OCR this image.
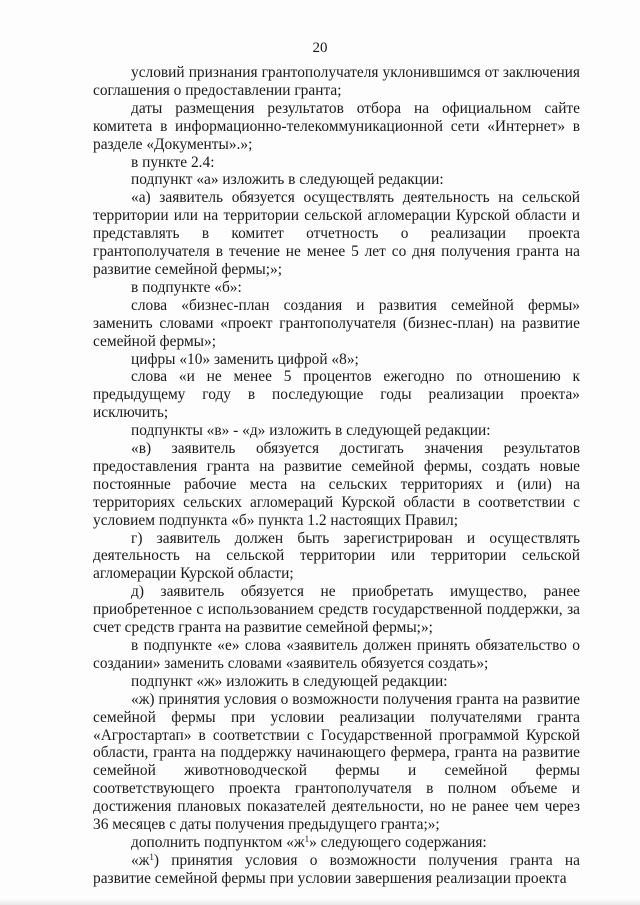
20

условий признания грантополучателя уклонившимся от заключения соглашения о предоставлении гранта;

даты размещения результатов отбора на официальном сайте комитета в информационно-телекоммуникационной сети «Интернет» в разделе «Документы».»;

в пункте 2.4:

подпункт «а» изложить в следующей редакции:

«а) заявитель обязуется осуществлять деятельность на сельской территории или на территории сельской агломерации Курской области и представлять в комитет отчетность о реализации проекта грантополучателя в течение не менее 5 лет со дня получения гранта на развитие семейной фермы;»;

в подпункте «б»:

слова «бизнес-план создания и развития семейной фермы» заменить словами «проект грантополучателя (бизнес-план) на развитие семейной фермы»;

цифры «10» заменить цифрой «8»;

слова «и не менее 5 процентов ежегодно по отношению к предыдущему году в последующие годы реализации проекта» исключить;

подпункты «в» - «д» изложить в следующей редакции:

«в) заявитель обязуется достигать значения результатов предоставления гранта на развитие семейной фермы, создать новые постоянные рабочие места на сельских территориях и (или) на территориях сельских агломераций Курской области в соответствии с условием подпункта «б» пункта 1.2 настоящих Правил;

г) заявитель должен быть зарегистрирован и осуществлять деятельность на сельской территории или территории сельской агломерации Курской области;

д) заявитель обязуется не приобретать имущество, ранее приобретенное с использованием средств государственной поддержки, за счет средств гранта на развитие семейной фермы;»;

в подпункте «е» слова «заявитель должен принять обязательство о создании» заменить словами «заявитель обязуется создать»;

подпункт «ж» изложить в следующей редакции:

«ж) принятия условия о возможности получения гранта на развитие семейной фермы при условии реализации получателями гранта «Агростартап» в соответствии с Государственной программой Курской области, гранта на поддержку начинающего фермера, гранта на развитие семейной животноводческой фермы и семейной фермы соответствующего проекта грантополучателя в полном объеме и достижения плановых показателей деятельности, но не ранее чем через 36 месяцев с даты получения предыдущего гранта;»;

дополнить подпунктом «$ж^1$» следующего содержания:

«$ж^1$) принятия условия о возможности получения гранта на развитие семейной фермы при условии завершения реализации проекта
